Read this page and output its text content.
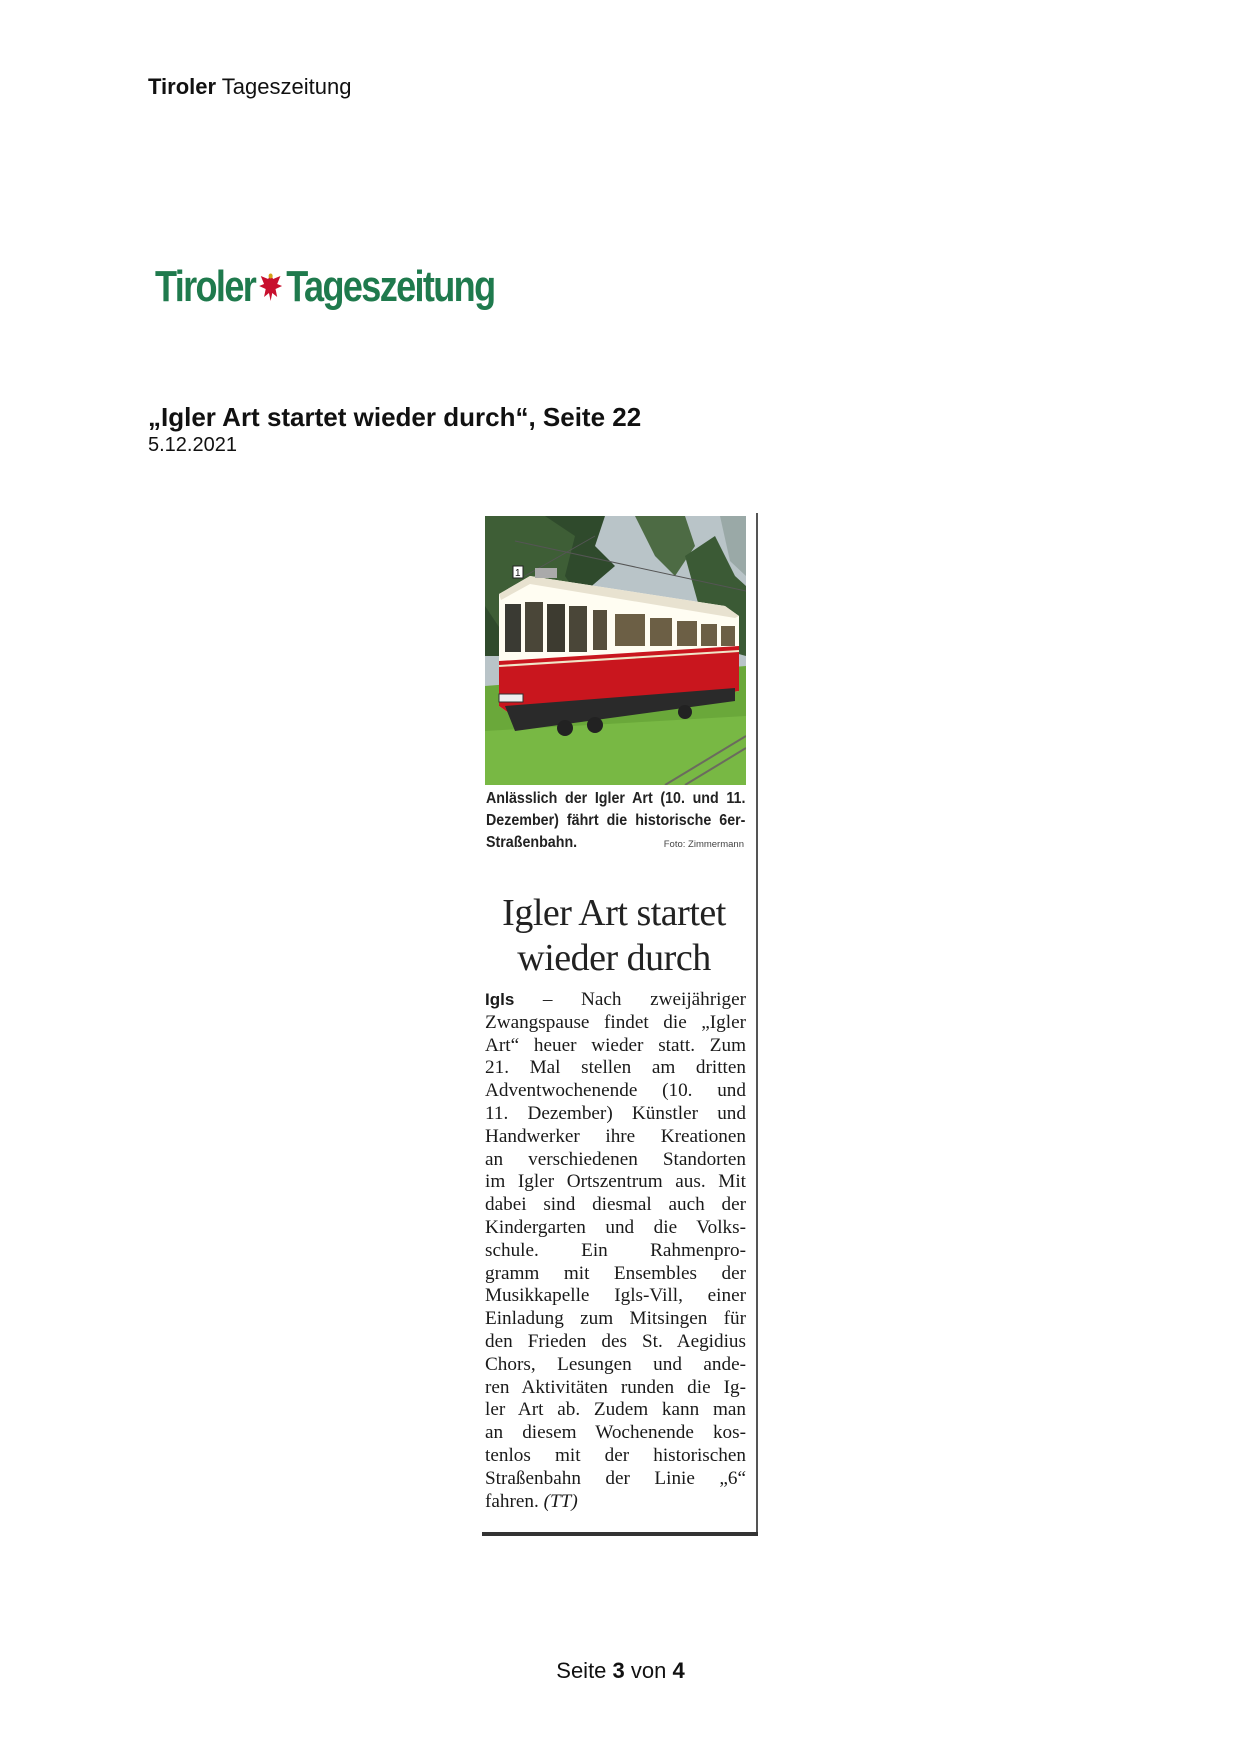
Tiroler Tageszeitung
Tiroler Tageszeitung
„Igler Art startet wieder durch“, Seite 22
5.12.2021
1
Anlässlich der Igler Art (10. und 11. Dezember) fährt die historische 6er-Straßenbahn.	Foto: Zimmermann
Igler Art startet
wieder durch
Igls – Nach zweijähriger
Zwangspause findet die „Igler
Art“ heuer wieder statt. Zum
21. Mal stellen am dritten
Adventwochenende (10. und
11. Dezember) Künstler und
Handwerker ihre Kreationen
an verschiedenen Standorten
im Igler Ortszentrum aus. Mit
dabei sind diesmal auch der
Kindergarten und die Volks-
schule. Ein Rahmenpro-
gramm mit Ensembles der
Musikkapelle Igls-Vill, einer
Einladung zum Mitsingen für
den Frieden des St. Aegidius
Chors, Lesungen und ande-
ren Aktivitäten runden die Ig-
ler Art ab. Zudem kann man
an diesem Wochenende kos-
tenlos mit der historischen
Straßenbahn der Linie „6“
fahren. (TT)
Seite 3 von 4
